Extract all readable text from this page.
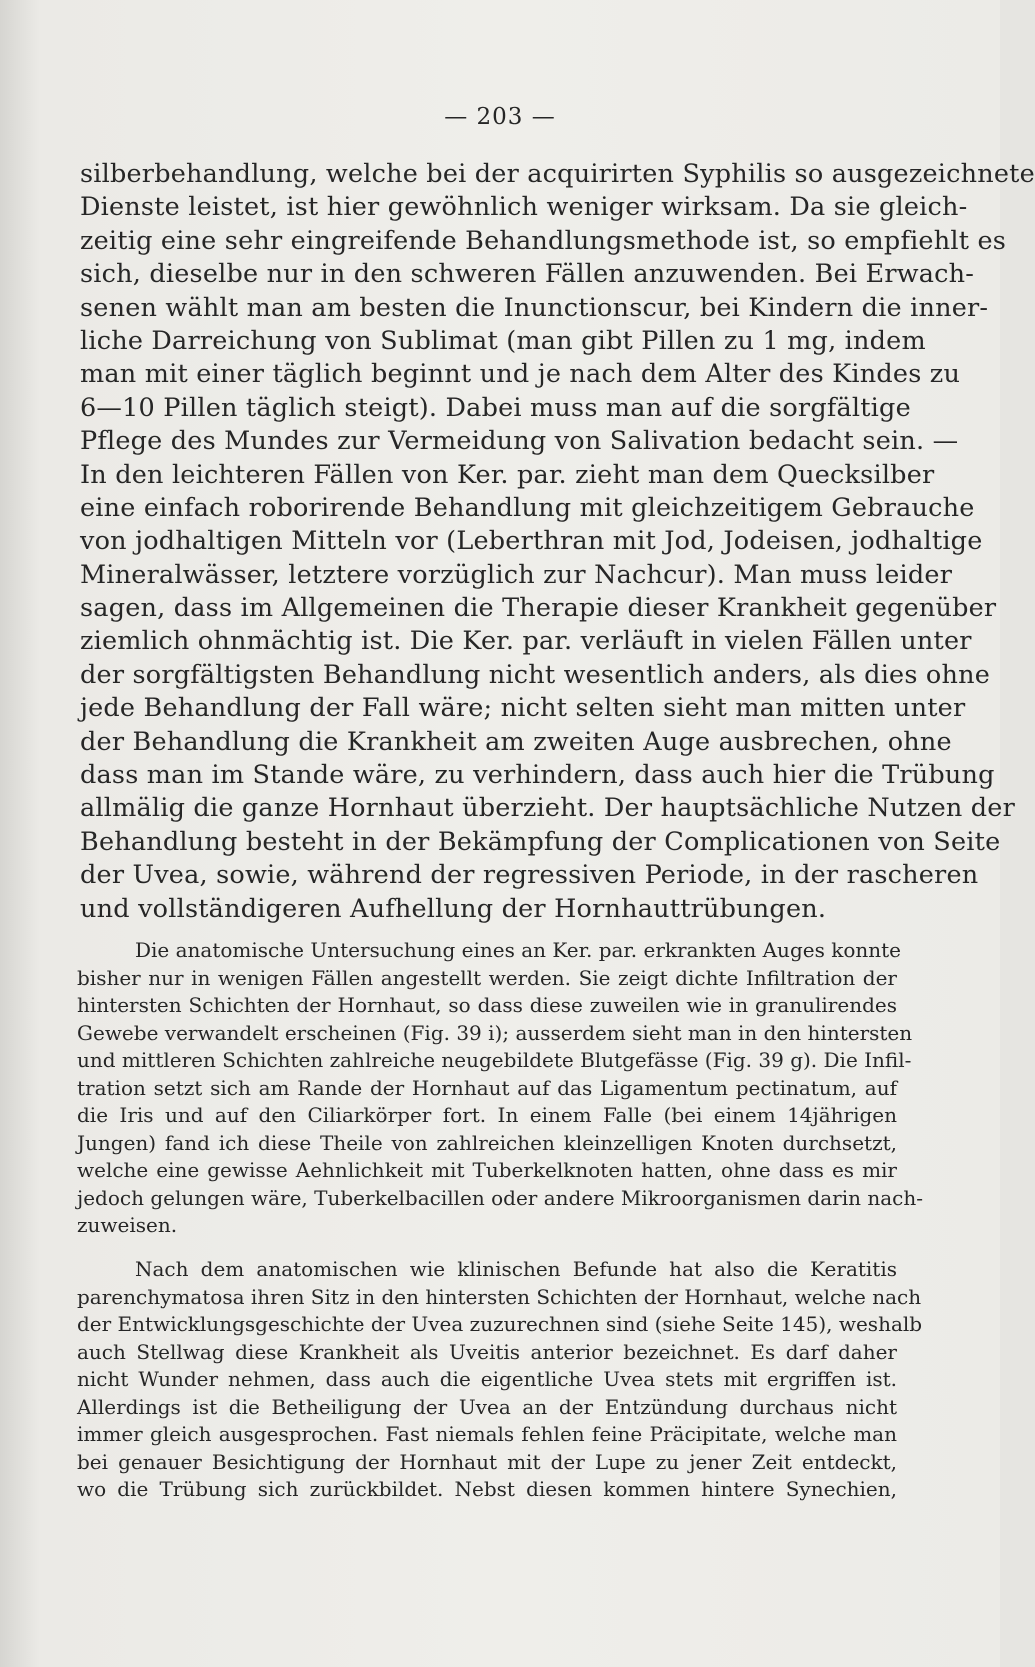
— 203 —
silberbehandlung, welche bei der acquirirten Syphilis so ausgezeichnete
Dienste leistet, ist hier gewöhnlich weniger wirksam. Da sie gleich-
zeitig eine sehr eingreifende Behandlungsmethode ist, so empfiehlt es
sich, dieselbe nur in den schweren Fällen anzuwenden. Bei Erwach-
senen wählt man am besten die Inunctionscur, bei Kindern die inner-
liche Darreichung von Sublimat (man gibt Pillen zu 1 mg, indem
man mit einer täglich beginnt und je nach dem Alter des Kindes zu
6—10 Pillen täglich steigt). Dabei muss man auf die sorgfältige
Pflege des Mundes zur Vermeidung von Salivation bedacht sein. —
In den leichteren Fällen von Ker. par. zieht man dem Quecksilber
eine einfach roborirende Behandlung mit gleichzeitigem Gebrauche
von jodhaltigen Mitteln vor (Leberthran mit Jod, Jodeisen, jodhaltige
Mineralwässer, letztere vorzüglich zur Nachcur). Man muss leider
sagen, dass im Allgemeinen die Therapie dieser Krankheit gegenüber
ziemlich ohnmächtig ist. Die Ker. par. verläuft in vielen Fällen unter
der sorgfältigsten Behandlung nicht wesentlich anders, als dies ohne
jede Behandlung der Fall wäre; nicht selten sieht man mitten unter
der Behandlung die Krankheit am zweiten Auge ausbrechen, ohne
dass man im Stande wäre, zu verhindern, dass auch hier die Trübung
allmälig die ganze Hornhaut überzieht. Der hauptsächliche Nutzen der
Behandlung besteht in der Bekämpfung der Complicationen von Seite
der Uvea, sowie, während der regressiven Periode, in der rascheren
und vollständigeren Aufhellung der Hornhauttrübungen.
Die anatomische Untersuchung eines an Ker. par. erkrankten Auges konnte
bisher nur in wenigen Fällen angestellt werden. Sie zeigt dichte Infiltration der
hintersten Schichten der Hornhaut, so dass diese zuweilen wie in granulirendes
Gewebe verwandelt erscheinen (Fig. 39 i); ausserdem sieht man in den hintersten
und mittleren Schichten zahlreiche neugebildete Blutgefässe (Fig. 39 g). Die Infil-
tration setzt sich am Rande der Hornhaut auf das Ligamentum pectinatum, auf
die Iris und auf den Ciliarkörper fort. In einem Falle (bei einem 14jährigen
Jungen) fand ich diese Theile von zahlreichen kleinzelligen Knoten durchsetzt,
welche eine gewisse Aehnlichkeit mit Tuberkelknoten hatten, ohne dass es mir
jedoch gelungen wäre, Tuberkelbacillen oder andere Mikroorganismen darin nach-
zuweisen.
Nach dem anatomischen wie klinischen Befunde hat also die Keratitis
parenchymatosa ihren Sitz in den hintersten Schichten der Hornhaut, welche nach
der Entwicklungsgeschichte der Uvea zuzurechnen sind (siehe Seite 145), weshalb
auch Stellwag diese Krankheit als Uveitis anterior bezeichnet. Es darf daher
nicht Wunder nehmen, dass auch die eigentliche Uvea stets mit ergriffen ist.
Allerdings ist die Betheiligung der Uvea an der Entzündung durchaus nicht
immer gleich ausgesprochen. Fast niemals fehlen feine Präcipitate, welche man
bei genauer Besichtigung der Hornhaut mit der Lupe zu jener Zeit entdeckt,
wo die Trübung sich zurückbildet. Nebst diesen kommen hintere Synechien,
